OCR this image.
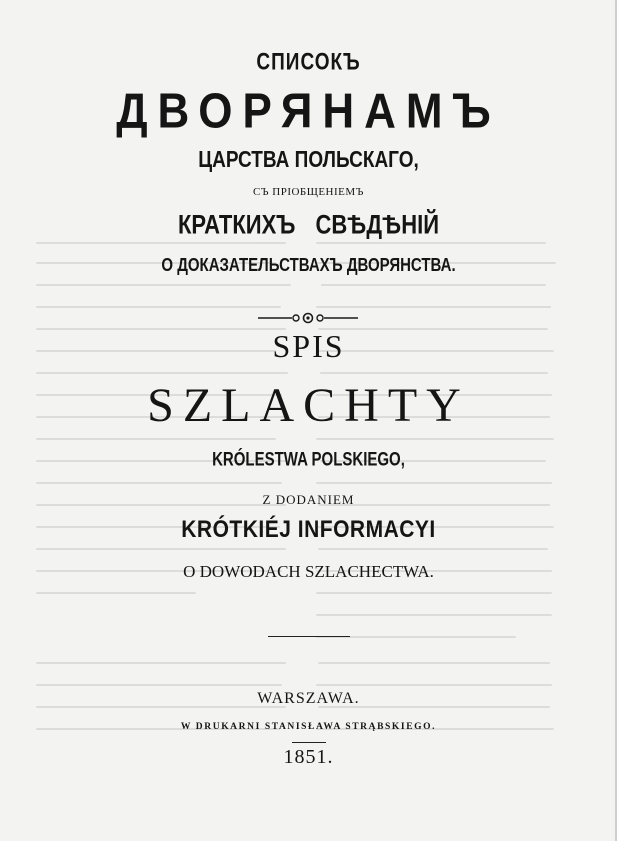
СПИСОКЪ
ДВОРЯНАМЪ
ЦАРСТВА ПОЛЬСКАГО,
СЪ ПРІОБЩЕНІЕМЪ
КРАТКИХЪ СВѢДѢНІЙ
О ДОКАЗАТЕЛЬСТВАХЪ ДВОРЯНСТВА.
SPIS
SZLACHTY
KRÓLESTWA POLSKIEGO,
Z DODANIEM
KRÓTKIÉJ INFORMACYI
O DOWODACH SZLACHECTWA.
WARSZAWA.
W DRUKARNI STANISŁAWA STRĄBSKIEGO.
1851.
